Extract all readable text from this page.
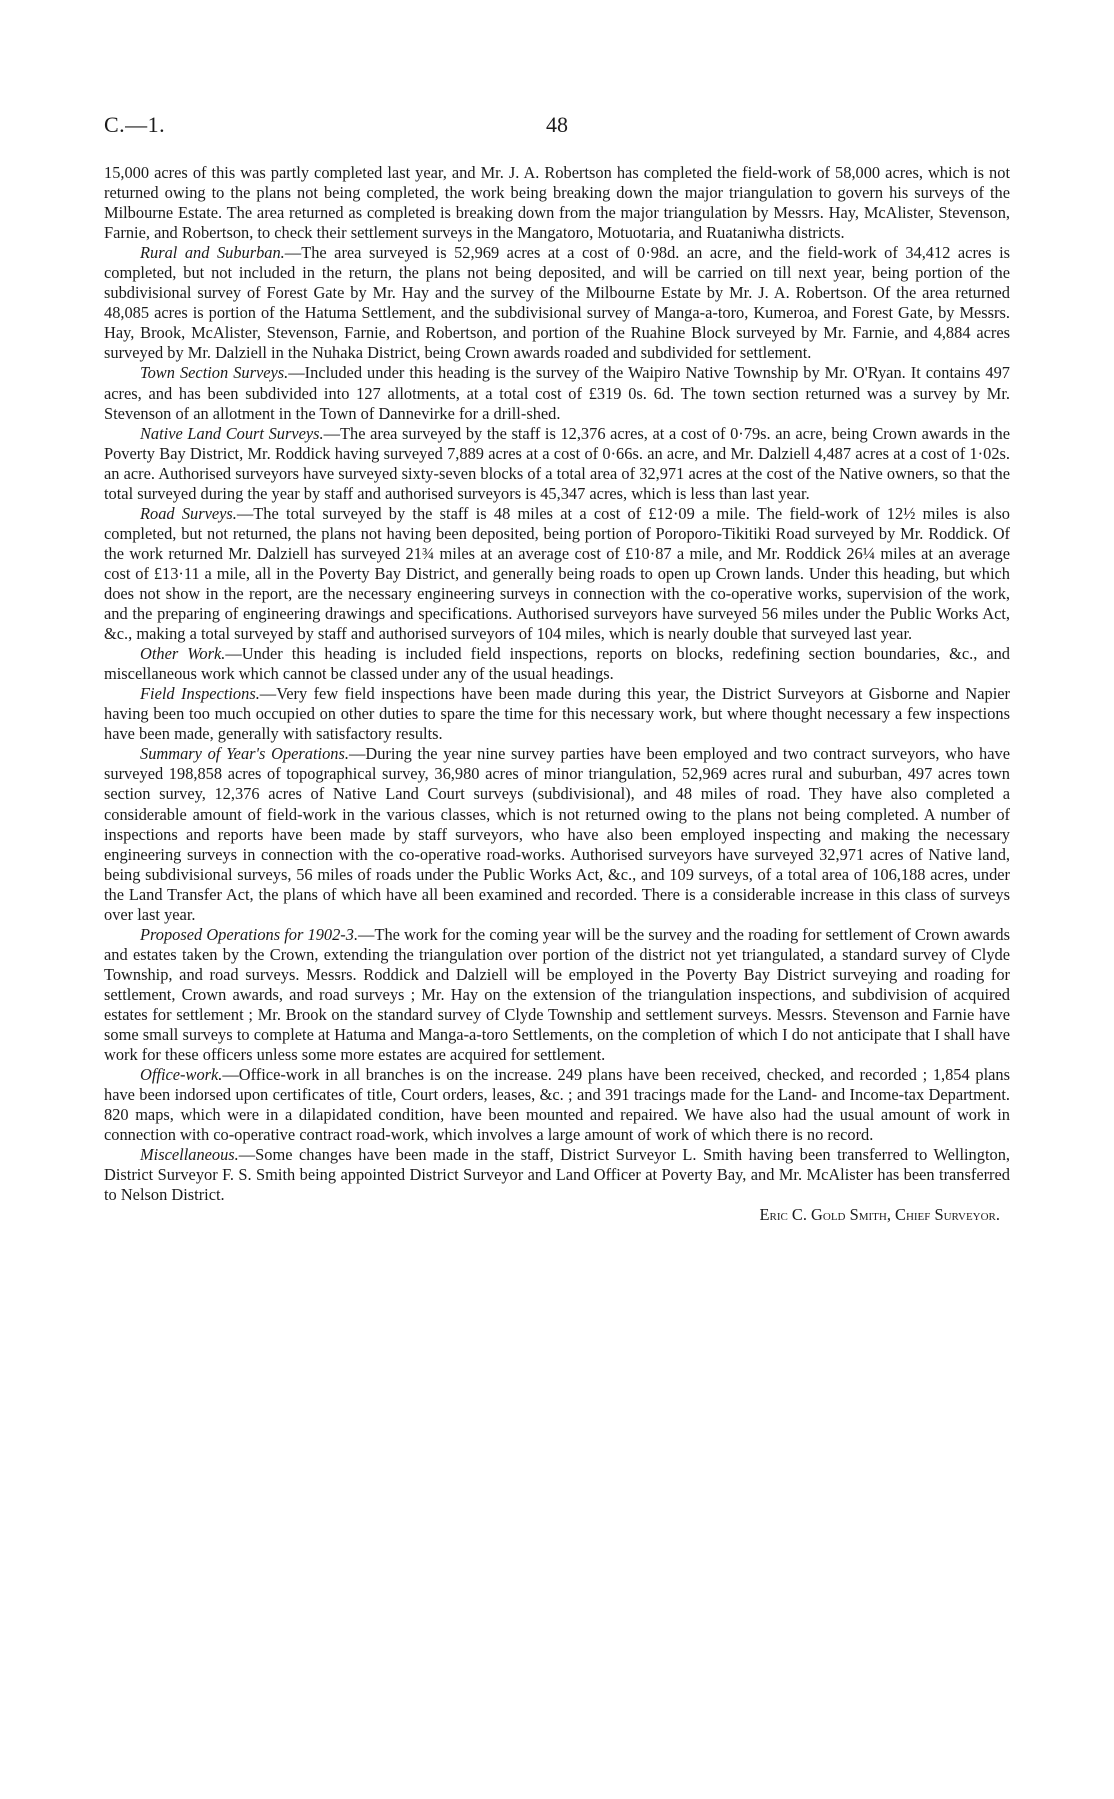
C.—1.	48

15,000 acres of this was partly completed last year, and Mr. J. A. Robertson has completed the field-work of 58,000 acres, which is not returned owing to the plans not being completed, the work being breaking down the major triangulation to govern his surveys of the Milbourne Estate. The area returned as completed is breaking down from the major triangulation by Messrs. Hay, McAlister, Stevenson, Farnie, and Robertson, to check their settlement surveys in the Mangatoro, Motuotaria, and Ruataniwha districts.

Rural and Suburban.—The area surveyed is 52,969 acres at a cost of 0·98d. an acre, and the field-work of 34,412 acres is completed, but not included in the return, the plans not being deposited, and will be carried on till next year, being portion of the subdivisional survey of Forest Gate by Mr. Hay and the survey of the Milbourne Estate by Mr. J. A. Robertson. Of the area returned 48,085 acres is portion of the Hatuma Settlement, and the subdivisional survey of Manga-a-toro, Kumeroa, and Forest Gate, by Messrs. Hay, Brook, McAlister, Stevenson, Farnie, and Robertson, and portion of the Ruahine Block surveyed by Mr. Farnie, and 4,884 acres surveyed by Mr. Dalziell in the Nuhaka District, being Crown awards roaded and subdivided for settlement.

Town Section Surveys.—Included under this heading is the survey of the Waipiro Native Township by Mr. O'Ryan. It contains 497 acres, and has been subdivided into 127 allotments, at a total cost of £319 0s. 6d. The town section returned was a survey by Mr. Stevenson of an allotment in the Town of Dannevirke for a drill-shed.

Native Land Court Surveys.—The area surveyed by the staff is 12,376 acres, at a cost of 0·79s. an acre, being Crown awards in the Poverty Bay District, Mr. Roddick having surveyed 7,889 acres at a cost of 0·66s. an acre, and Mr. Dalziell 4,487 acres at a cost of 1·02s. an acre. Authorised surveyors have surveyed sixty-seven blocks of a total area of 32,971 acres at the cost of the Native owners, so that the total surveyed during the year by staff and authorised surveyors is 45,347 acres, which is less than last year.

Road Surveys.—The total surveyed by the staff is 48 miles at a cost of £12·09 a mile. The field-work of 12½ miles is also completed, but not returned, the plans not having been deposited, being portion of Poroporo-Tikitiki Road surveyed by Mr. Roddick. Of the work returned Mr. Dalziell has surveyed 21¾ miles at an average cost of £10·87 a mile, and Mr. Roddick 26¼ miles at an average cost of £13·11 a mile, all in the Poverty Bay District, and generally being roads to open up Crown lands. Under this heading, but which does not show in the report, are the necessary engineering surveys in connection with the co-operative works, supervision of the work, and the preparing of engineering drawings and specifications. Authorised surveyors have surveyed 56 miles under the Public Works Act, &c., making a total surveyed by staff and authorised surveyors of 104 miles, which is nearly double that surveyed last year.

Other Work.—Under this heading is included field inspections, reports on blocks, redefining section boundaries, &c., and miscellaneous work which cannot be classed under any of the usual headings.

Field Inspections.—Very few field inspections have been made during this year, the District Surveyors at Gisborne and Napier having been too much occupied on other duties to spare the time for this necessary work, but where thought necessary a few inspections have been made, generally with satisfactory results.

Summary of Year's Operations.—During the year nine survey parties have been employed and two contract surveyors, who have surveyed 198,858 acres of topographical survey, 36,980 acres of minor triangulation, 52,969 acres rural and suburban, 497 acres town section survey, 12,376 acres of Native Land Court surveys (subdivisional), and 48 miles of road. They have also completed a considerable amount of field-work in the various classes, which is not returned owing to the plans not being completed. A number of inspections and reports have been made by staff surveyors, who have also been employed inspecting and making the necessary engineering surveys in connection with the co-operative road-works. Authorised surveyors have surveyed 32,971 acres of Native land, being subdivisional surveys, 56 miles of roads under the Public Works Act, &c., and 109 surveys, of a total area of 106,188 acres, under the Land Transfer Act, the plans of which have all been examined and recorded. There is a considerable increase in this class of surveys over last year.

Proposed Operations for 1902-3.—The work for the coming year will be the survey and the roading for settlement of Crown awards and estates taken by the Crown, extending the triangulation over portion of the district not yet triangulated, a standard survey of Clyde Township, and road surveys. Messrs. Roddick and Dalziell will be employed in the Poverty Bay District surveying and roading for settlement, Crown awards, and road surveys ; Mr. Hay on the extension of the triangulation inspections, and subdivision of acquired estates for settlement ; Mr. Brook on the standard survey of Clyde Township and settlement surveys. Messrs. Stevenson and Farnie have some small surveys to complete at Hatuma and Manga-a-toro Settlements, on the completion of which I do not anticipate that I shall have work for these officers unless some more estates are acquired for settlement.

Office-work.—Office-work in all branches is on the increase. 249 plans have been received, checked, and recorded ; 1,854 plans have been indorsed upon certificates of title, Court orders, leases, &c. ; and 391 tracings made for the Land- and Income-tax Department. 820 maps, which were in a dilapidated condition, have been mounted and repaired. We have also had the usual amount of work in connection with co-operative contract road-work, which involves a large amount of work of which there is no record.

Miscellaneous.—Some changes have been made in the staff, District Surveyor L. Smith having been transferred to Wellington, District Surveyor F. S. Smith being appointed District Surveyor and Land Officer at Poverty Bay, and Mr. McAlister has been transferred to Nelson District.

Eric C. Gold Smith, Chief Surveyor.
